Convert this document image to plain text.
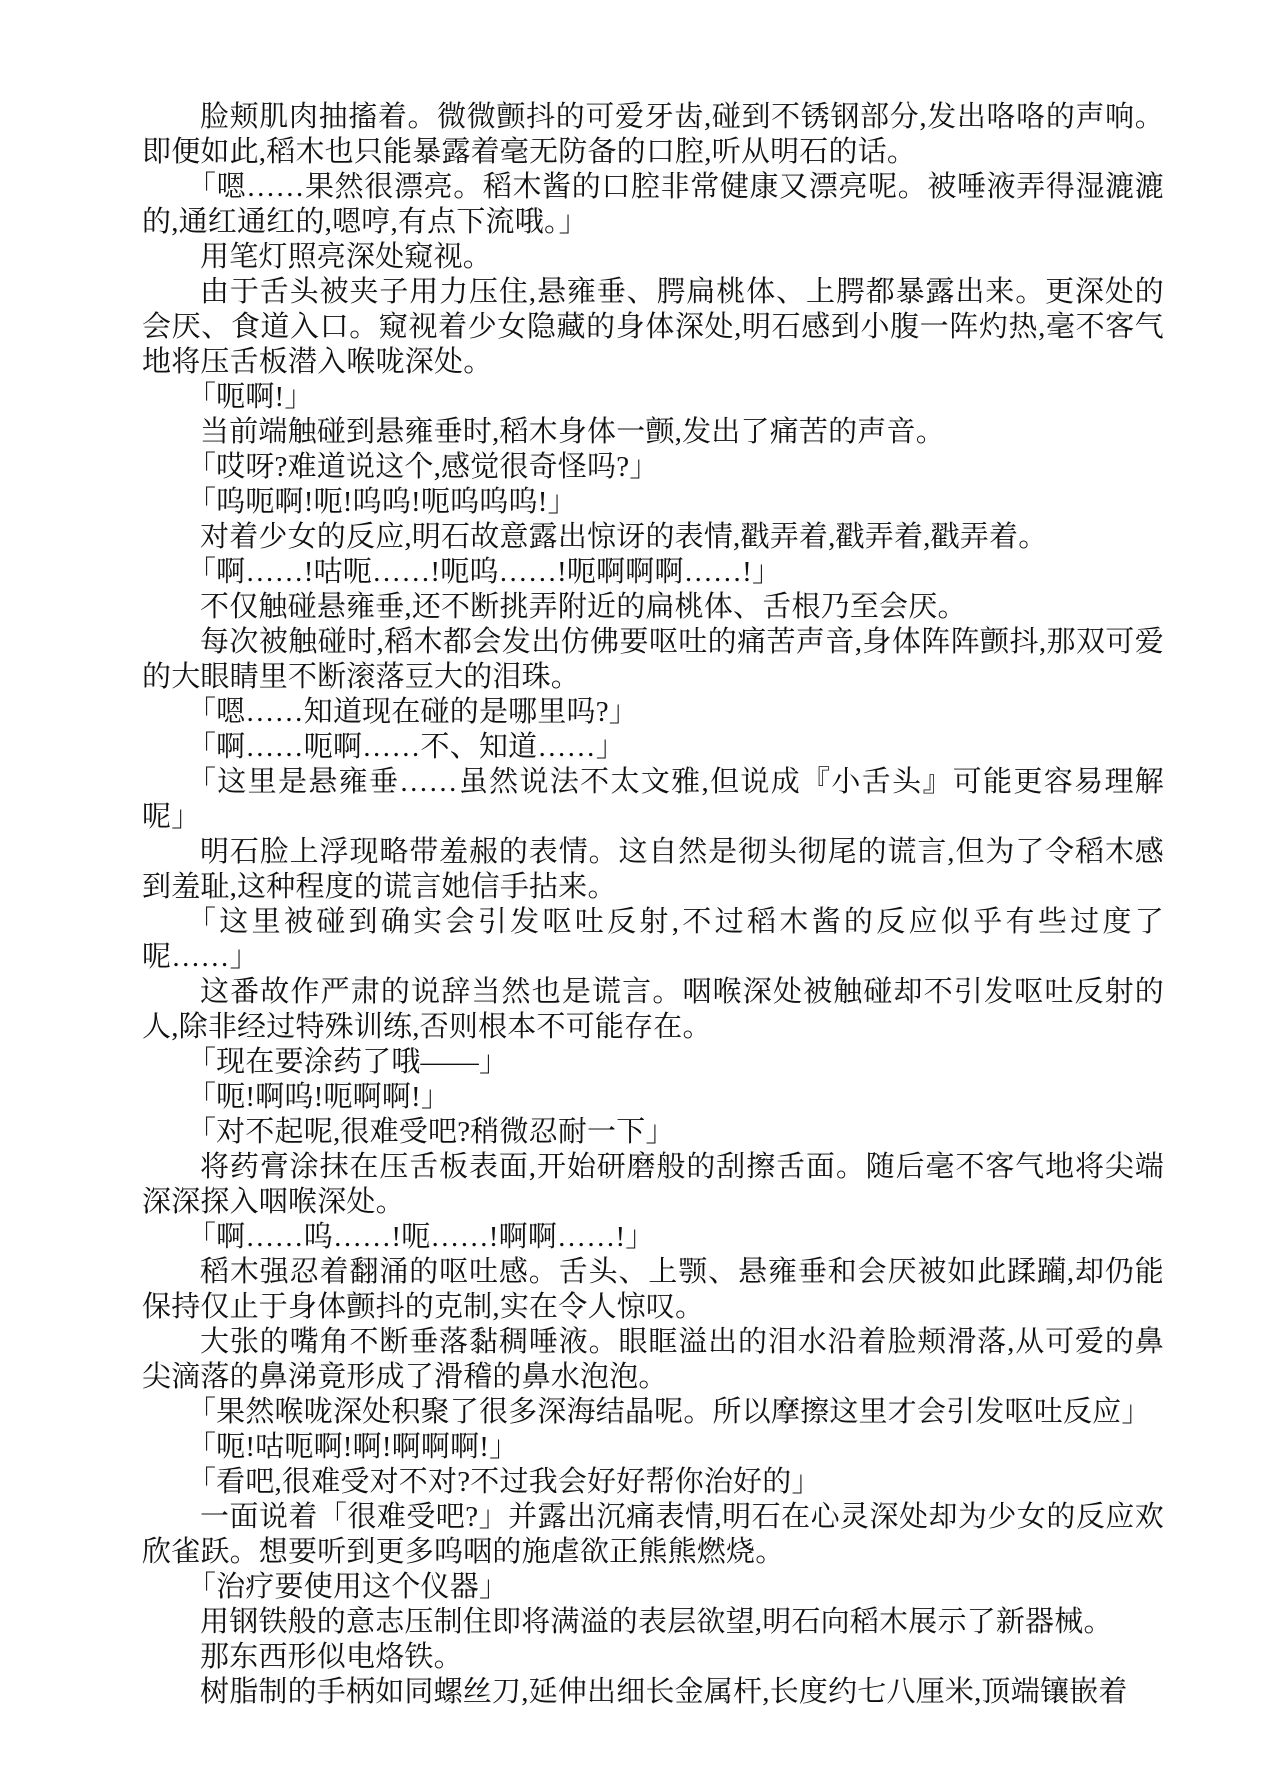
脸颊肌肉抽搐着。微微颤抖的可爱牙齿,碰到不锈钢部分,发出咯咯的声响。即便如此,稻木也只能暴露着毫无防备的口腔,听从明石的话。

「嗯……果然很漂亮。稻木酱的口腔非常健康又漂亮呢。被唾液弄得湿漉漉的,通红通红的,嗯哼,有点下流哦。」

用笔灯照亮深处窥视。

由于舌头被夹子用力压住,悬雍垂、腭扁桃体、上腭都暴露出来。更深处的会厌、食道入口。窥视着少女隐藏的身体深处,明石感到小腹一阵灼热,毫不客气地将压舌板潜入喉咙深处。

「呃啊!」

当前端触碰到悬雍垂时,稻木身体一颤,发出了痛苦的声音。

「哎呀?难道说这个,感觉很奇怪吗?」

「呜呃啊!呃!呜呜!呃呜呜呜!」

对着少女的反应,明石故意露出惊讶的表情,戳弄着,戳弄着,戳弄着。

「啊……!咕呃……!呃呜……!呃啊啊啊……!」

不仅触碰悬雍垂,还不断挑弄附近的扁桃体、舌根乃至会厌。

每次被触碰时,稻木都会发出仿佛要呕吐的痛苦声音,身体阵阵颤抖,那双可爱的大眼睛里不断滚落豆大的泪珠。

「嗯……知道现在碰的是哪里吗?」

「啊……呃啊……不、知道……」

「这里是悬雍垂……虽然说法不太文雅,但说成『小舌头』可能更容易理解呢」

明石脸上浮现略带羞赧的表情。这自然是彻头彻尾的谎言,但为了令稻木感到羞耻,这种程度的谎言她信手拈来。

「这里被碰到确实会引发呕吐反射,不过稻木酱的反应似乎有些过度了呢……」

这番故作严肃的说辞当然也是谎言。咽喉深处被触碰却不引发呕吐反射的人,除非经过特殊训练,否则根本不可能存在。

「现在要涂药了哦——」

「呃!啊呜!呃啊啊!」

「对不起呢,很难受吧?稍微忍耐一下」

将药膏涂抹在压舌板表面,开始研磨般的刮擦舌面。随后毫不客气地将尖端深深探入咽喉深处。

「啊……呜……!呃……!啊啊……!」

稻木强忍着翻涌的呕吐感。舌头、上颚、悬雍垂和会厌被如此蹂躏,却仍能保持仅止于身体颤抖的克制,实在令人惊叹。

大张的嘴角不断垂落黏稠唾液。眼眶溢出的泪水沿着脸颊滑落,从可爱的鼻尖滴落的鼻涕竟形成了滑稽的鼻水泡泡。

「果然喉咙深处积聚了很多深海结晶呢。所以摩擦这里才会引发呕吐反应」

「呃!咕呃啊!啊!啊啊啊!」

「看吧,很难受对不对?不过我会好好帮你治好的」

一面说着「很难受吧?」并露出沉痛表情,明石在心灵深处却为少女的反应欢欣雀跃。想要听到更多呜咽的施虐欲正熊熊燃烧。

「治疗要使用这个仪器」

用钢铁般的意志压制住即将满溢的表层欲望,明石向稻木展示了新器械。

那东西形似电烙铁。

树脂制的手柄如同螺丝刀,延伸出细长金属杆,长度约七八厘米,顶端镶嵌着
